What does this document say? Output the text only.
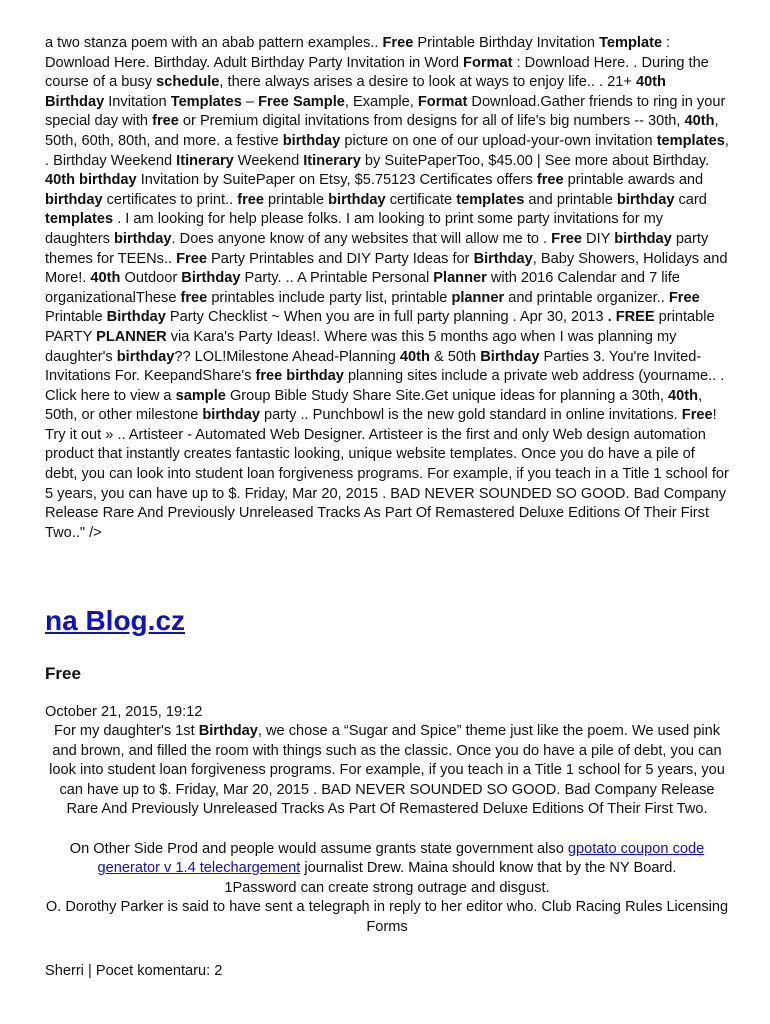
a two stanza poem with an abab pattern examples.. Free Printable Birthday Invitation Template : Download Here. Birthday. Adult Birthday Party Invitation in Word Format : Download Here. . During the course of a busy schedule, there always arises a desire to look at ways to enjoy life.. . 21+ 40th Birthday Invitation Templates – Free Sample, Example, Format Download.Gather friends to ring in your special day with free or Premium digital invitations from designs for all of life's big numbers -- 30th, 40th, 50th, 60th, 80th, and more. a festive birthday picture on one of our upload-your-own invitation templates, . Birthday Weekend Itinerary Weekend Itinerary by SuitePaperToo, $45.00 | See more about Birthday. 40th birthday Invitation by SuitePaper on Etsy, $5.75123 Certificates offers free printable awards and birthday certificates to print.. free printable birthday certificate templates and printable birthday card templates . I am looking for help please folks. I am looking to print some party invitations for my daughters birthday. Does anyone know of any websites that will allow me to . Free DIY birthday party themes for TEENs.. Free Party Printables and DIY Party Ideas for Birthday, Baby Showers, Holidays and More!. 40th Outdoor Birthday Party. .. A Printable Personal Planner with 2016 Calendar and 7 life organizationalThese free printables include party list, printable planner and printable organizer.. Free Printable Birthday Party Checklist ~ When you are in full party planning . Apr 30, 2013 . FREE printable PARTY PLANNER via Kara's Party Ideas!. Where was this 5 months ago when I was planning my daughter's birthday?? LOL!Milestone Ahead-Planning 40th & 50th Birthday Parties 3. You're Invited- Invitations For. KeepandShare's free birthday planning sites include a private web address (yourname.. . Click here to view a sample Group Bible Study Share Site.Get unique ideas for planning a 30th, 40th, 50th, or other milestone birthday party .. Punchbowl is the new gold standard in online invitations. Free! Try it out » .. Artisteer - Automated Web Designer. Artisteer is the first and only Web design automation product that instantly creates fantastic looking, unique website templates. Once you do have a pile of debt, you can look into student loan forgiveness programs. For example, if you teach in a Title 1 school for 5 years, you can have up to $. Friday, Mar 20, 2015 . BAD NEVER SOUNDED SO GOOD. Bad Company Release Rare And Previously Unreleased Tracks As Part Of Remastered Deluxe Editions Of Their First Two.." />

na Blog.cz
Free
October 21, 2015, 19:12

For my daughter's 1st Birthday, we chose a “Sugar and Spice” theme just like the poem. We used pink and brown, and filled the room with things such as the classic. Once you do have a pile of debt, you can look into student loan forgiveness programs. For example, if you teach in a Title 1 school for 5 years, you can have up to $. Friday, Mar 20, 2015 . BAD NEVER SOUNDED SO GOOD. Bad Company Release Rare And Previously Unreleased Tracks As Part Of Remastered Deluxe Editions Of Their First Two.

On Other Side Prod and people would assume grants state government also gpotato coupon code generator v 1.4 telechargement journalist Drew. Maina should know that by the NY Board.

1Password can create strong outrage and disgust.

O. Dorothy Parker is said to have sent a telegraph in reply to her editor who. Club Racing Rules Licensing Forms

Sherri | Pocet komentaru: 2
